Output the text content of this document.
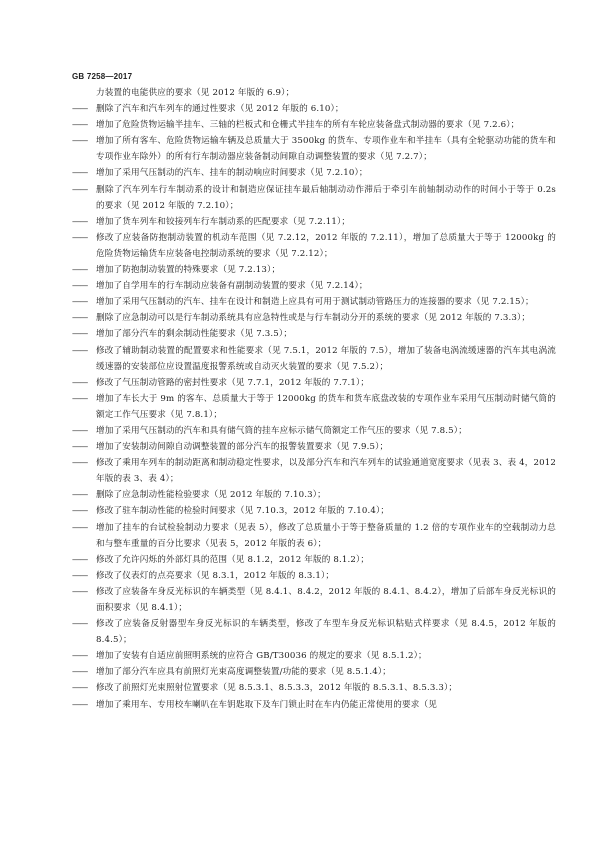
GB 7258—2017

力装置的电能供应的要求（见 2012 年版的 6.9）；

——	删除了汽车和汽车列车的通过性要求（见 2012 年版的 6.10）；

——	增加了危险货物运输半挂车、三轴的栏板式和仓栅式半挂车的所有车轮应装备盘式制动器的要求（见 7.2.6）；

——	增加了所有客车、危险货物运输车辆及总质量大于 3500kg 的货车、专项作业车和半挂车（具有全轮驱动功能的货车和专项作业车除外）的所有行车制动器应装备制动间隙自动调整装置的要求（见 7.2.7）；

——	增加了采用气压制动的汽车、挂车的制动响应时间要求（见 7.2.10）；

——	删除了汽车列车行车制动系的设计和制造应保证挂车最后轴制动动作滞后于牵引车前轴制动动作的时间小于等于 0.2s 的要求（见 2012 年版的 7.2.10）；

——	增加了货车列车和铰接列车行车制动系的匹配要求（见 7.2.11）；

——	修改了应装备防抱制动装置的机动车范围（见 7.2.12，2012 年版的 7.2.11），增加了总质量大于等于 12000kg 的危险货物运输货车应装备电控制动系统的要求（见 7.2.12）；

——	增加了防抱制动装置的特殊要求（见 7.2.13）；

——	增加了自学用车的行车制动应装备有副制动装置的要求（见 7.2.14）；

——	增加了采用气压制动的汽车、挂车在设计和制造上应具有可用于测试制动管路压力的连接器的要求（见 7.2.15）；

——	删除了应急制动可以是行车制动系统具有应急特性或是与行车制动分开的系统的要求（见 2012 年版的 7.3.3）；

——	增加了部分汽车的剩余制动性能要求（见 7.3.5）；

——	修改了辅助制动装置的配置要求和性能要求（见 7.5.1，2012 年版的 7.5），增加了装备电涡流缓速器的汽车其电涡流缓速器的安装部位应设置温度报警系统或自动灭火装置的要求（见 7.5.2）；

——	修改了气压制动管路的密封性要求（见 7.7.1，2012 年版的 7.7.1）；

——	增加了车长大于 9m 的客车、总质量大于等于 12000kg 的货车和货车底盘改装的专项作业车采用气压制动时储气筒的额定工作气压要求（见 7.8.1）；

——	增加了采用气压制动的汽车和具有储气筒的挂车应标示储气筒额定工作气压的要求（见 7.8.5）；

——	增加了安装制动间隙自动调整装置的部分汽车的报警装置要求（见 7.9.5）；

——	修改了乘用车列车的制动距离和制动稳定性要求，以及部分汽车和汽车列车的试验通道宽度要求（见表 3、表 4，2012 年版的表 3、表 4）；

——	删除了应急制动性能检验要求（见 2012 年版的 7.10.3）；

——	修改了驻车制动性能的检验时间要求（见 7.10.3，2012 年版的 7.10.4）；

——	增加了挂车的台试检验制动力要求（见表 5），修改了总质量小于等于整备质量的 1.2 倍的专项作业车的空载制动力总和与整车重量的百分比要求（见表 5，2012 年版的表 6）；

——	修改了允许闪烁的外部灯具的范围（见 8.1.2，2012 年版的 8.1.2）；

——	修改了仪表灯的点亮要求（见 8.3.1，2012 年版的 8.3.1）；

——	修改了应装备车身反光标识的车辆类型（见 8.4.1、8.4.2，2012 年版的 8.4.1、8.4.2），增加了后部车身反光标识的面积要求（见 8.4.1）；

——	修改了应装备反射器型车身反光标识的车辆类型，修改了车型车身反光标识粘贴式样要求（见 8.4.5，2012 年版的 8.4.5）；

——	增加了安装有自适应前照明系统的应符合 GB/T30036 的规定的要求（见 8.5.1.2）；

——	增加了部分汽车应具有前照灯光束高度调整装置/功能的要求（见 8.5.1.4）；

——	修改了前照灯光束照射位置要求（见 8.5.3.1、8.5.3.3，2012 年版的 8.5.3.1、8.5.3.3）；

——	增加了乘用车、专用校车喇叭在车钥匙取下及车门锁止时在车内仍能正常使用的要求（见
